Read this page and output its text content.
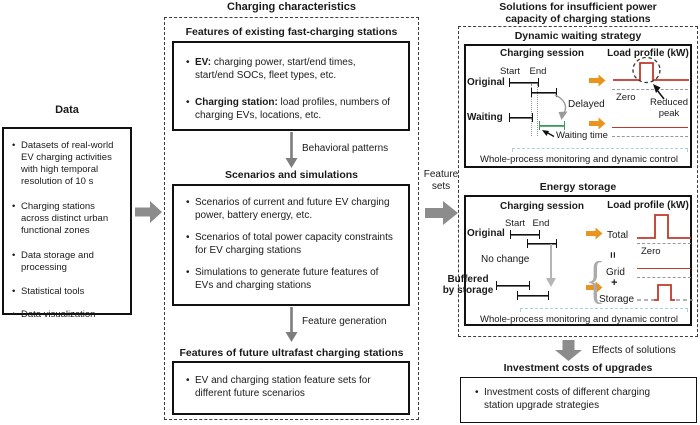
Data
• Datasets of real-world EV charging activities with high temporal resolution of 10 s
• Charging stations across distinct urban functional zones
• Data storage and processing
• Statistical tools
• Data visualization
Charging characteristics
Features of existing fast-charging stations
• EV: charging power, start/end times, start/end SOCs, fleet types, etc.
• Charging station: load profiles, numbers of charging EVs, locations, etc.
Behavioral patterns
Scenarios and simulations
• Scenarios of current and future EV charging power, battery energy, etc.
• Scenarios of total power capacity constraints for EV charging stations
• Simulations to generate future features of EVs and charging stations
Feature generation
Features of future ultrafast charging stations
• EV and charging station feature sets for different future scenarios
Feature
sets
Solutions for insufficient power
capacity of charging stations
Dynamic waiting strategy
Charging session	Load profile (kW)
Start End
Original
Delayed
Waiting
Waiting time
Zero	Reduced peak
Whole-process monitoring and dynamic control
Energy storage
Charging session	Load profile (kW)
Start End
Original
No change
Buffered
by storage
Total
Zero
=
{ Grid
+
Storage
Whole-process monitoring and dynamic control
Effects of solutions
Investment costs of upgrades
• Investment costs of different charging station upgrade strategies
